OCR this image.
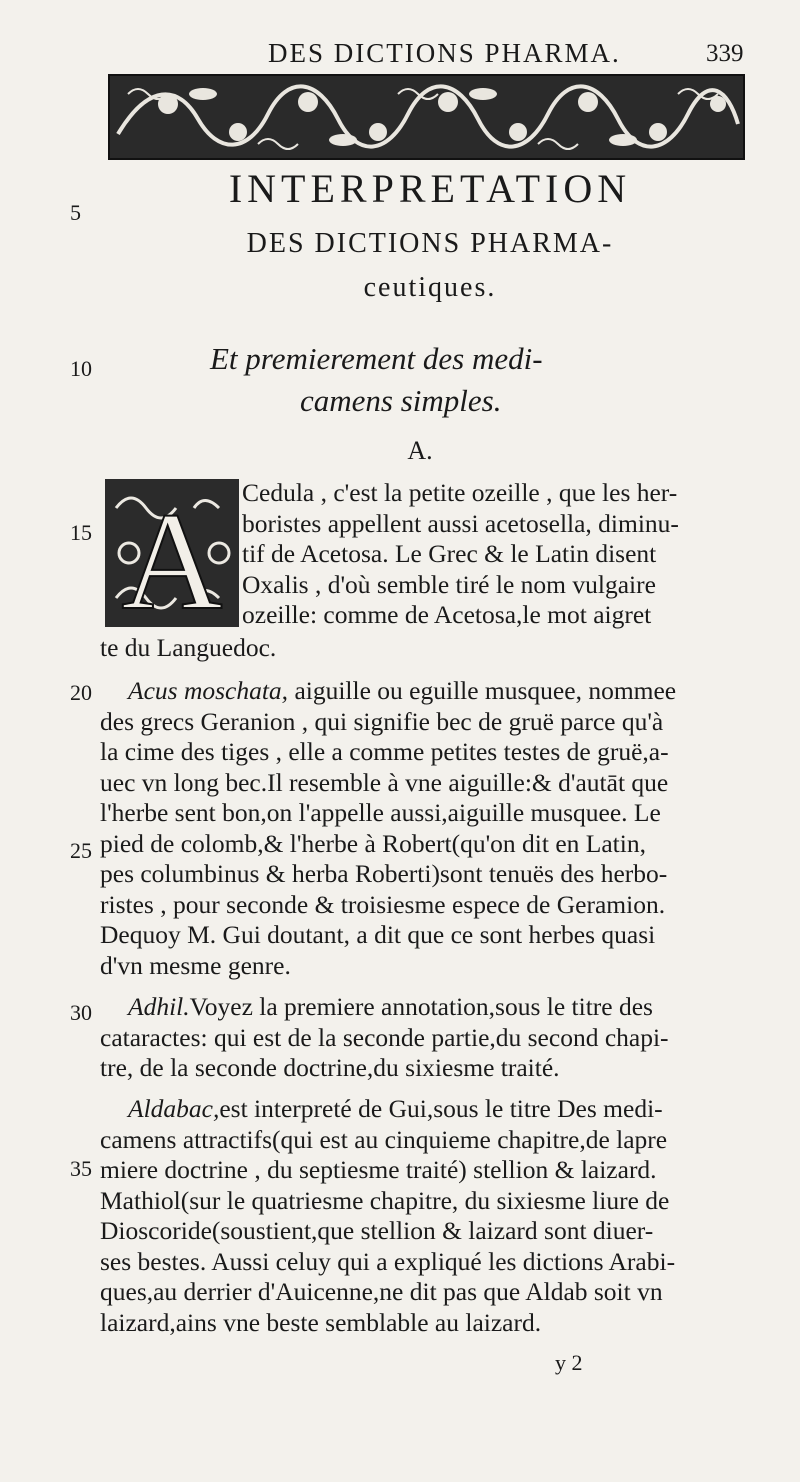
DES DICTIONS PHARMA.	339
INTERPRETATION
DES DICTIONS PHARMA-
ceutiques.
Et premierement des medi-
camens simples.
A.
5
10
15
20
25
30
35
A Cedula , c'est la petite ozeille , que les her-
boristes appellent aussi acetosella, diminu-
tif de Acetosa. Le Grec & le Latin disent
Oxalis , d'où semble tiré le nom vulgaire
ozeille: comme de Acetosa,le mot aigret
te du Languedoc.
Acus moschata, aiguille ou eguille musquee, nommee
des grecs Geranion , qui signifie bec de gruë parce qu'à
la cime des tiges , elle a comme petites testes de gruë,a-
uec vn long bec.Il resemble à vne aiguille:& d'autāt que
l'herbe sent bon,on l'appelle aussi,aiguille musquee. Le
pied de colomb,& l'herbe à Robert(qu'on dit en Latin,
pes columbinus & herba Roberti)sont tenuës des herbo-
ristes , pour seconde & troisiesme espece de Geramion.
Dequoy M. Gui doutant, a dit que ce sont herbes quasi
d'vn mesme genre.
Adhil.Voyez la premiere annotation,sous le titre des
cataractes: qui est de la seconde partie,du second chapi-
tre, de la seconde doctrine,du sixiesme traité.
Aldabac,est interpreté de Gui,sous le titre Des medi-
camens attractifs(qui est au cinquieme chapitre,de lapre
miere doctrine , du septiesme traité) stellion & laizard.
Mathiol(sur le quatriesme chapitre, du sixiesme liure de
Dioscoride(soustient,que stellion & laizard sont diuer-
ses bestes. Aussi celuy qui a expliqué les dictions Arabi-
ques,au derrier d'Auicenne,ne dit pas que Aldab soit vn
laizard,ains vne beste semblable au laizard.
y 2
